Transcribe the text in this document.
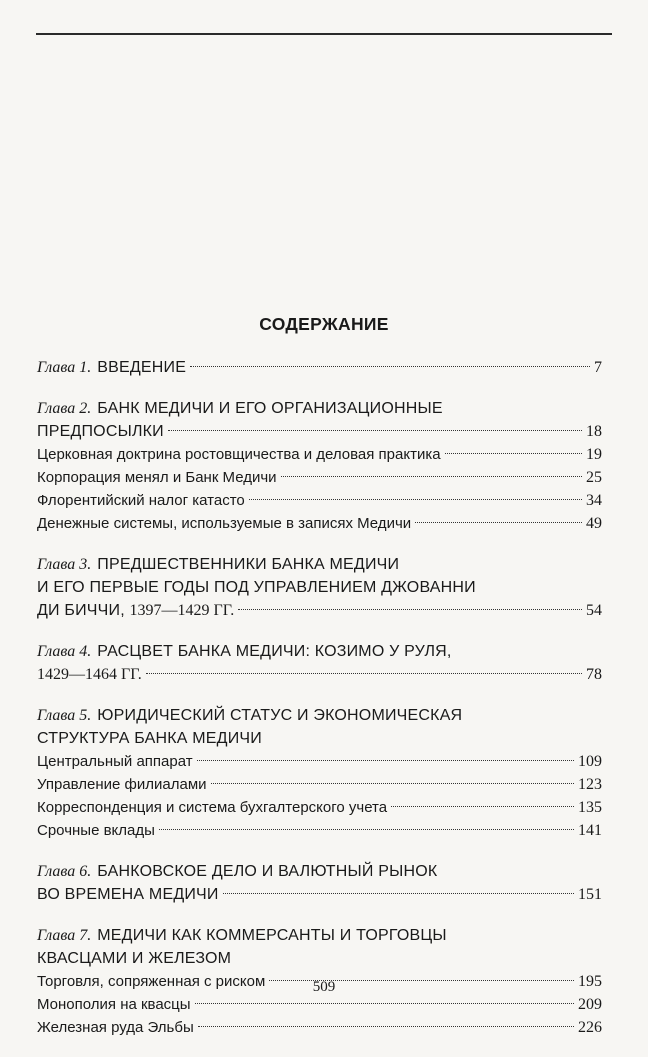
СОДЕРЖАНИЕ
Глава 1. ВВЕДЕНИЕ	7
Глава 2. БАНК МЕДИЧИ И ЕГО ОРГАНИЗАЦИОННЫЕ
ПРЕДПОСЫЛКИ	18
Церковная доктрина ростовщичества и деловая практика	19
Корпорация менял и Банк Медичи	25
Флорентийский налог катасто	34
Денежные системы, используемые в записях Медичи	49
Глава 3. ПРЕДШЕСТВЕННИКИ БАНКА МЕДИЧИ
И ЕГО ПЕРВЫЕ ГОДЫ ПОД УПРАВЛЕНИЕМ ДЖОВАННИ
ДИ БИЧЧИ, 1397—1429 ГГ.	54
Глава 4. РАСЦВЕТ БАНКА МЕДИЧИ: КОЗИМО У РУЛЯ,
1429—1464 ГГ.	78
Глава 5. ЮРИДИЧЕСКИЙ СТАТУС И ЭКОНОМИЧЕСКАЯ
СТРУКТУРА БАНКА МЕДИЧИ
Центральный аппарат	109
Управление филиалами	123
Корреспонденция и система бухгалтерского учета	135
Срочные вклады	141
Глава 6. БАНКОВСКОЕ ДЕЛО И ВАЛЮТНЫЙ РЫНОК
ВО ВРЕМЕНА МЕДИЧИ	151
Глава 7. МЕДИЧИ КАК КОММЕРСАНТЫ И ТОРГОВЦЫ
КВАСЦАМИ И ЖЕЛЕЗОМ
Торговля, сопряженная с риском	195
Монополия на квасцы	209
Железная руда Эльбы	226
509
